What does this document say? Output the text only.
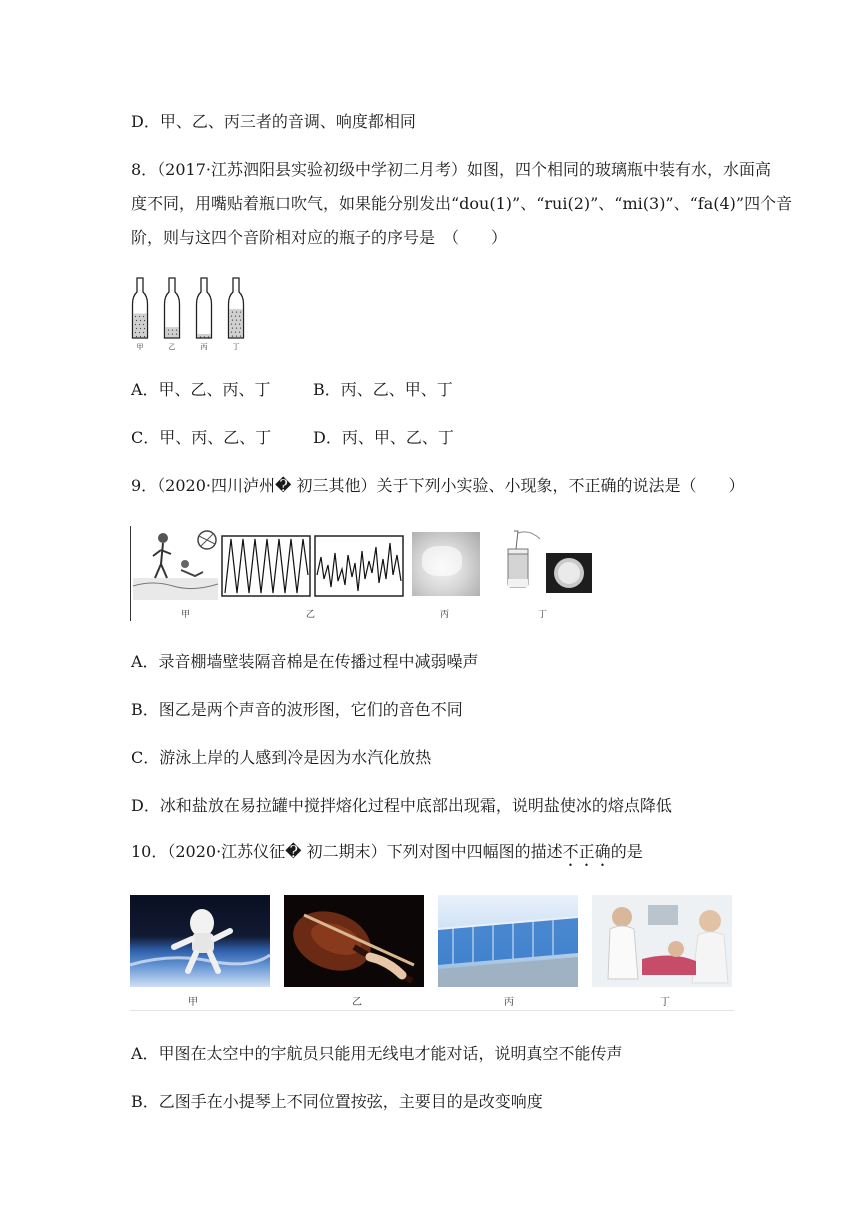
D．甲、乙、丙三者的音调、响度都相同
8．（2017·江苏泗阳县实验初级中学初二月考）如图，四个相同的玻璃瓶中装有水，水面高
度不同，用嘴贴着瓶口吹气，如果能分别发出“dou(1)”、“rui(2)”、“mi(3)”、“fa(4)”四个音
阶，则与这四个音阶相对应的瓶子的序号是　（　　）
甲	乙	丙	丁
A．甲、乙、丙、丁	B．丙、乙、甲、丁
C．甲、丙、乙、丁	D．丙、甲、乙、丁
9．（2020·四川泸州� 初三其他）关于下列小实验、小现象，不正确的说法是（　　）
甲	乙	丙	丁
A．录音棚墙壁装隔音棉是在传播过程中减弱噪声
B．图乙是两个声音的波形图，它们的音色不同
C．游泳上岸的人感到冷是因为水汽化放热
D．冰和盐放在易拉罐中搅拌熔化过程中底部出现霜，说明盐使冰的熔点降低
10．（2020·江苏仪征� 初二期末）下列对图中四幅图的描述不正确的是
甲	乙	丙	丁
A．甲图在太空中的宇航员只能用无线电才能对话，说明真空不能传声
B．乙图手在小提琴上不同位置按弦，主要目的是改变响度
